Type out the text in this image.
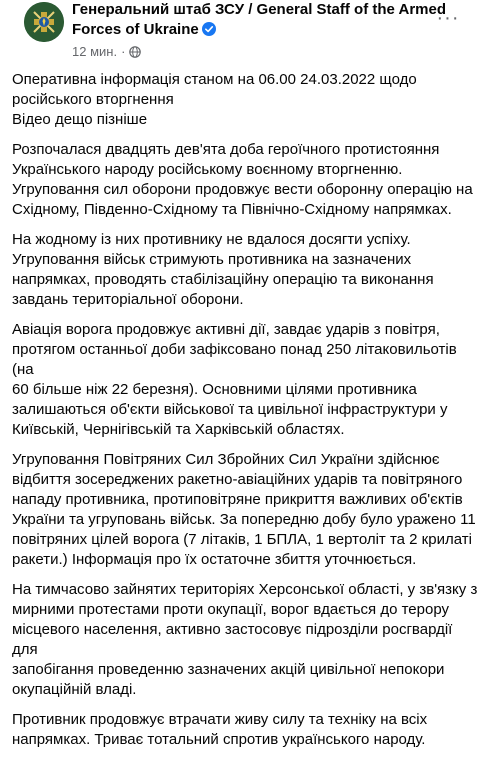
Генеральний штаб ЗСУ / General Staff of the Armed Forces of Ukraine
12 мин. ·
···

Оперативна інформація станом на 06.00 24.03.2022 щодо
російського вторгнення
Відео дещо пізніше

Розпочалася двадцять дев'ята доба героїчного протистояння
Українського народу російському воєнному вторгненню.
Угруповання сил оборони продовжує вести оборонну операцію на
Східному, Південно-Східному та Північно-Східному напрямках.

На жодному із них противнику не вдалося досягти успіху.
Угруповання військ стримують противника на зазначених
напрямках, проводять стабілізаційну операцію та виконання
завдань територіальної оборони.

Авіація ворога продовжує активні дії, завдає ударів з повітря,
протягом останньої доби зафіксовано понад 250 літаковильотів (на
60 більше ніж 22 березня). Основними цілями противника
залишаються об'єкти військової та цивільної інфраструктури у
Київській, Чернігівській та Харківській областях.

Угруповання Повітряних Сил Збройних Сил України здійснює
відбиття зосереджених ракетно-авіаційних ударів та повітряного
нападу противника, протиповітряне прикриття важливих об'єктів
України та угруповань військ. За попередню добу було уражено 11
повітряних цілей ворога (7 літаків, 1 БПЛА, 1 вертоліт та 2 крилаті
ракети.) Інформація про їх остаточне збиття уточнюється.

На тимчасово зайнятих територіях Херсонської області, у зв'язку з
мирними протестами проти окупації, ворог вдається до терору
місцевого населення, активно застосовує підрозділи росгвардії для
запобігання проведенню зазначених акцій цивільної непокори
окупаційній владі.

Противник продовжує втрачати живу силу та техніку на всіх
напрямках. Триває тотальний спротив українського народу.
